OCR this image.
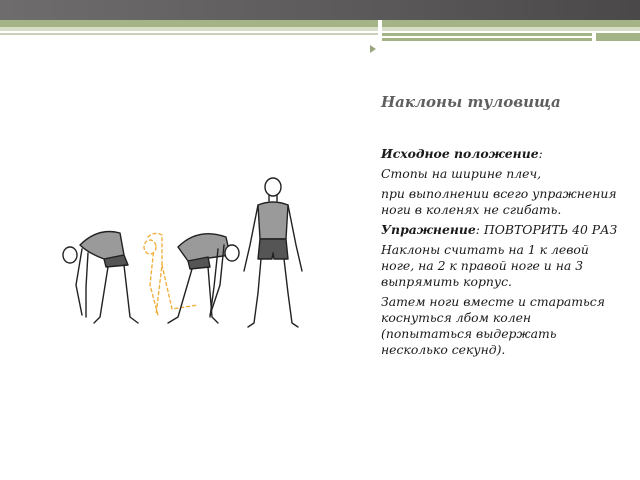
Наклоны туловища

Исходное положение:

Стопы на ширине плеч,

при выполнении всего упражнения ноги в коленях не сгибать.

Упражнение: ПОВТОРИТЬ 40 РАЗ

Наклоны считать на 1 к левой ноге, на 2 к правой ноге и на 3 выпрямить корпус.

Затем ноги вместе и стараться коснуться лбом колен (попытаться выдержать несколько секунд).
